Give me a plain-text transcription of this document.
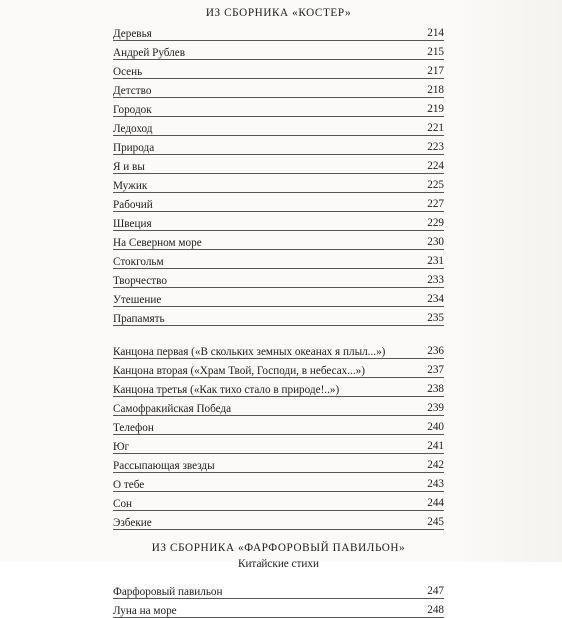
ИЗ СБОРНИКА «КОСТЕР»
Деревья	214
Андрей Рублев	215
Осень	217
Детство	218
Городок	219
Ледоход	221
Природа	223
Я и вы	224
Мужик	225
Рабочий	227
Швеция	229
На Северном море	230
Стокгольм	231
Творчество	233
Утешение	234
Прапамять	235
Канцона первая («В скольких земных океанах я плыл...»)	236
Канцона вторая («Храм Твой, Господи, в небесах...»)	237
Канцона третья («Как тихо стало в природе!..»)	238
Самофракийская Победа	239
Телефон	240
Юг	241
Рассыпающая звезды	242
О тебе	243
Сон	244
Эзбекие	245
ИЗ СБОРНИКА «ФАРФОРОВЫЙ ПАВИЛЬОН»
Китайские стихи
Фарфоровый павильон	247
Луна на море	248
